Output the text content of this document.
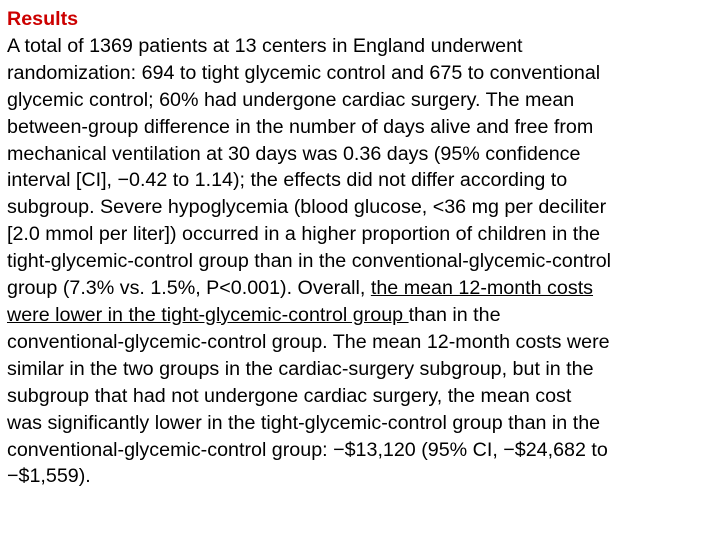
Results
A total of 1369 patients at 13 centers in England underwent
randomization: 694 to tight glycemic control and 675 to conventional
glycemic control; 60% had undergone cardiac surgery. The mean
between-group difference in the number of days alive and free from
mechanical ventilation at 30 days was 0.36 days (95% confidence
interval [CI], −0.42 to 1.14); the effects did not differ according to
subgroup. Severe hypoglycemia (blood glucose, <36 mg per deciliter
[2.0 mmol per liter]) occurred in a higher proportion of children in the
tight-glycemic-control group than in the conventional-glycemic-control
group (7.3% vs. 1.5%, P<0.001). Overall, the mean 12-month costs
were lower in the tight-glycemic-control group than in the
conventional-glycemic-control group. The mean 12-month costs were
similar in the two groups in the cardiac-surgery subgroup, but in the
subgroup that had not undergone cardiac surgery, the mean cost
was significantly lower in the tight-glycemic-control group than in the
conventional-glycemic-control group: −$13,120 (95% CI, −$24,682 to
−$1,559).
